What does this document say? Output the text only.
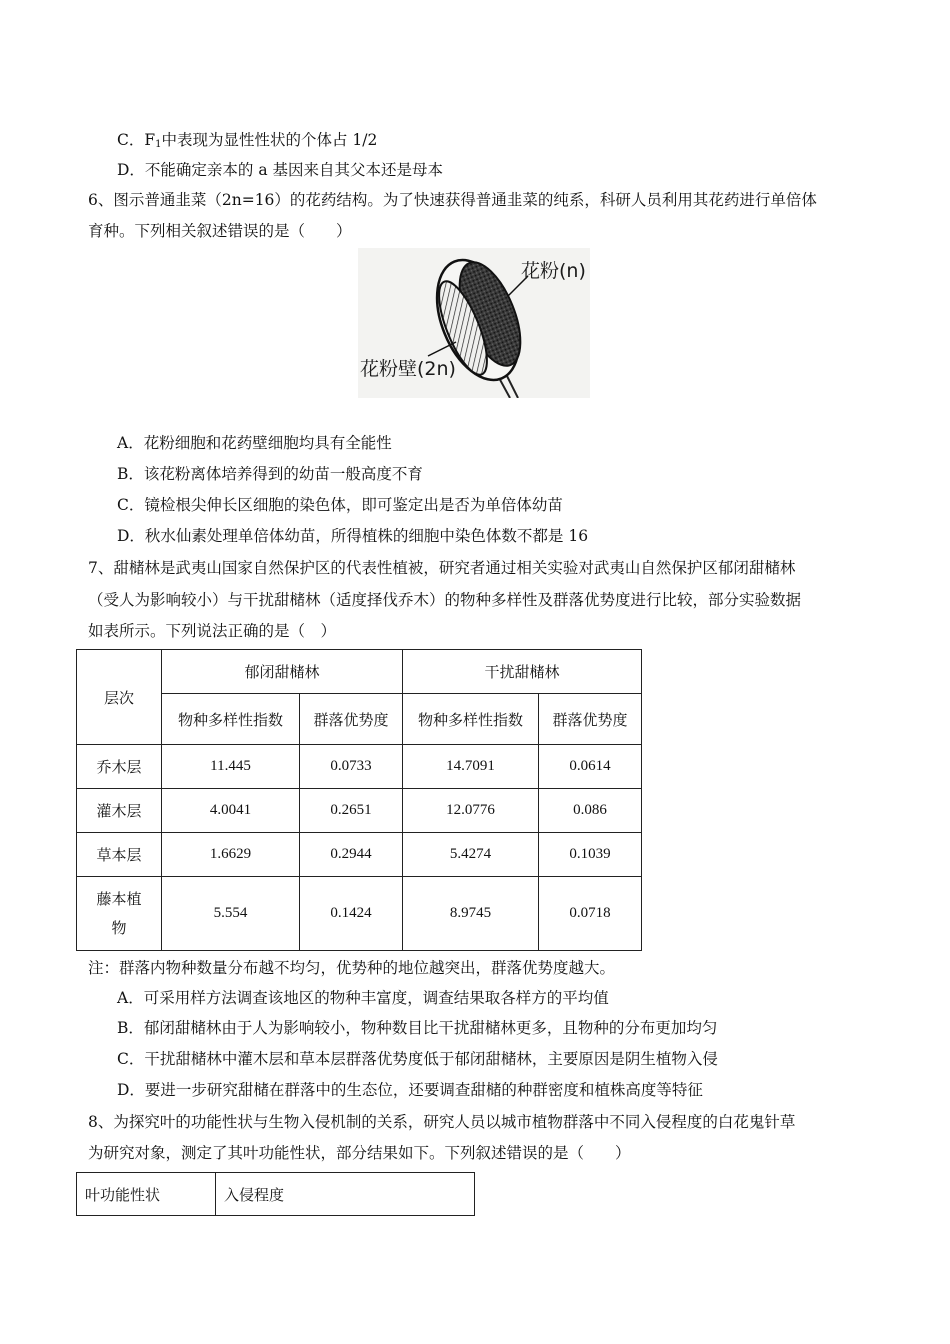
C．$F_1$中表现为显性性状的个体占 1/2
D．不能确定亲本的 a 基因来自其父本还是母本
6、图示普通韭菜（2n=16）的花药结构。为了快速获得普通韭菜的纯系，科研人员利用其花药进行单倍体
育种。下列相关叙述错误的是（　　）
花粉(n)
花粉壁(2n)
A．花粉细胞和花药壁细胞均具有全能性
B．该花粉离体培养得到的幼苗一般高度不育
C．镜检根尖伸长区细胞的染色体，即可鉴定出是否为单倍体幼苗
D．秋水仙素处理单倍体幼苗，所得植株的细胞中染色体数不都是 16
7、甜槠林是武夷山国家自然保护区的代表性植被，研究者通过相关实验对武夷山自然保护区郁闭甜槠林
（受人为影响较小）与干扰甜槠林（适度择伐乔木）的物种多样性及群落优势度进行比较，部分实验数据
如表所示。下列说法正确的是（　）
层次	郁闭甜槠林		干扰甜槠林	
	物种多样性指数	群落优势度	物种多样性指数	群落优势度
乔木层	11.445	0.0733	14.7091	0.0614
灌木层	4.0041	0.2651	12.0776	0.086
草本层	1.6629	0.2944	5.4274	0.1039
藤本植
物	5.554	0.1424	8.9745	0.0718
注：群落内物种数量分布越不均匀，优势种的地位越突出，群落优势度越大。
A．可采用样方法调查该地区的物种丰富度，调查结果取各样方的平均值
B．郁闭甜槠林由于人为影响较小，物种数目比干扰甜槠林更多，且物种的分布更加均匀
C．干扰甜槠林中灌木层和草本层群落优势度低于郁闭甜槠林，主要原因是阴生植物入侵
D．要进一步研究甜槠在群落中的生态位，还要调查甜槠的种群密度和植株高度等特征
8、为探究叶的功能性状与生物入侵机制的关系，研究人员以城市植物群落中不同入侵程度的白花鬼针草
为研究对象，测定了其叶功能性状，部分结果如下。下列叙述错误的是（　　）
叶功能性状	入侵程度
